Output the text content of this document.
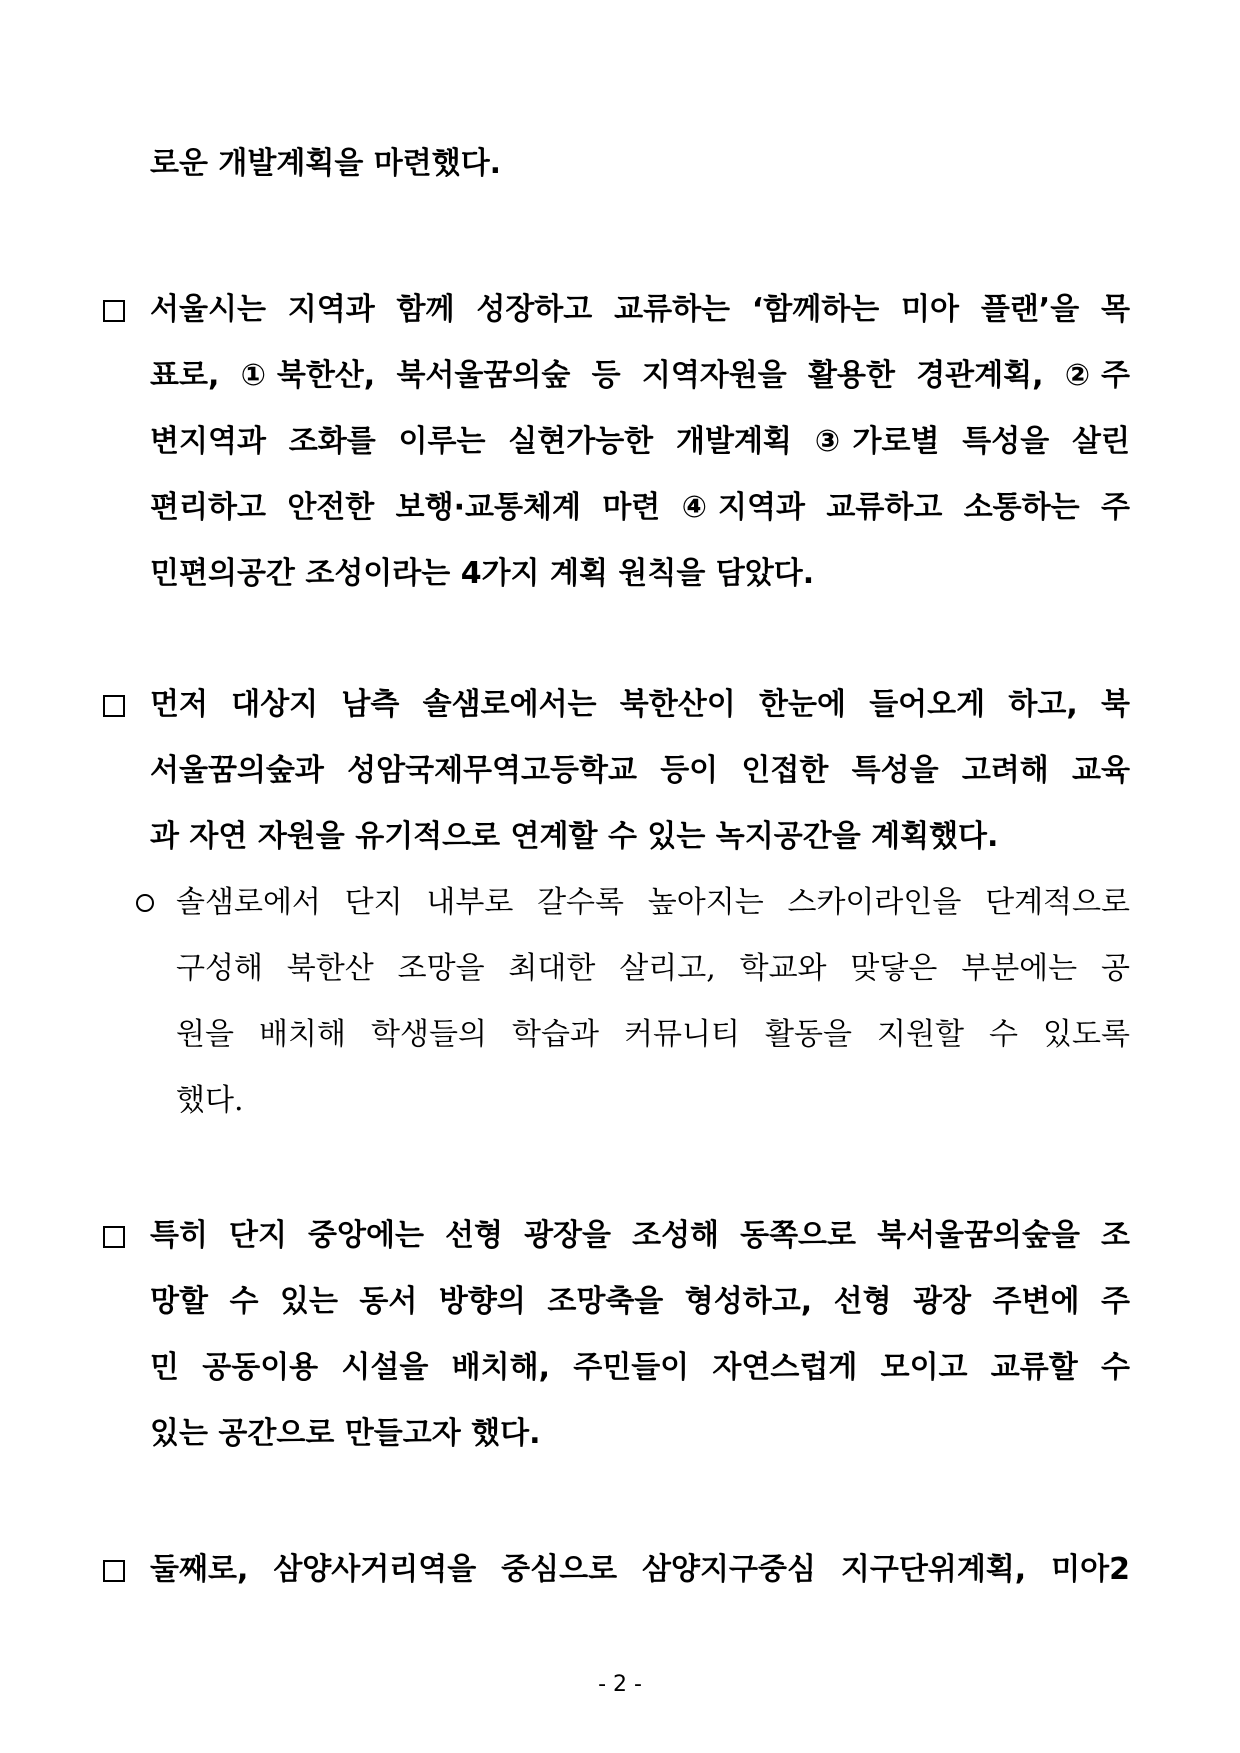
로운 개발계획을 마련했다.
서울시는 지역과 함께 성장하고 교류하는 ‘함께하는 미아 플랜’을 목
표로, ①북한산, 북서울꿈의숲 등 지역자원을 활용한 경관계획, ②주
변지역과 조화를 이루는 실현가능한 개발계획 ③가로별 특성을 살린
편리하고 안전한 보행·교통체계 마련 ④지역과 교류하고 소통하는 주
민편의공간 조성이라는 4가지 계획 원칙을 담았다.
먼저 대상지 남측 솔샘로에서는 북한산이 한눈에 들어오게 하고, 북
서울꿈의숲과 성암국제무역고등학교 등이 인접한 특성을 고려해 교육
과 자연 자원을 유기적으로 연계할 수 있는 녹지공간을 계획했다.
솔샘로에서 단지 내부로 갈수록 높아지는 스카이라인을 단계적으로
구성해 북한산 조망을 최대한 살리고, 학교와 맞닿은 부분에는 공
원을 배치해 학생들의 학습과 커뮤니티 활동을 지원할 수 있도록
했다.
특히 단지 중앙에는 선형 광장을 조성해 동쪽으로 북서울꿈의숲을 조
망할 수 있는 동서 방향의 조망축을 형성하고, 선형 광장 주변에 주
민 공동이용 시설을 배치해, 주민들이 자연스럽게 모이고 교류할 수
있는 공간으로 만들고자 했다.
둘째로, 삼양사거리역을 중심으로 삼양지구중심 지구단위계획, 미아2
- 2 -
